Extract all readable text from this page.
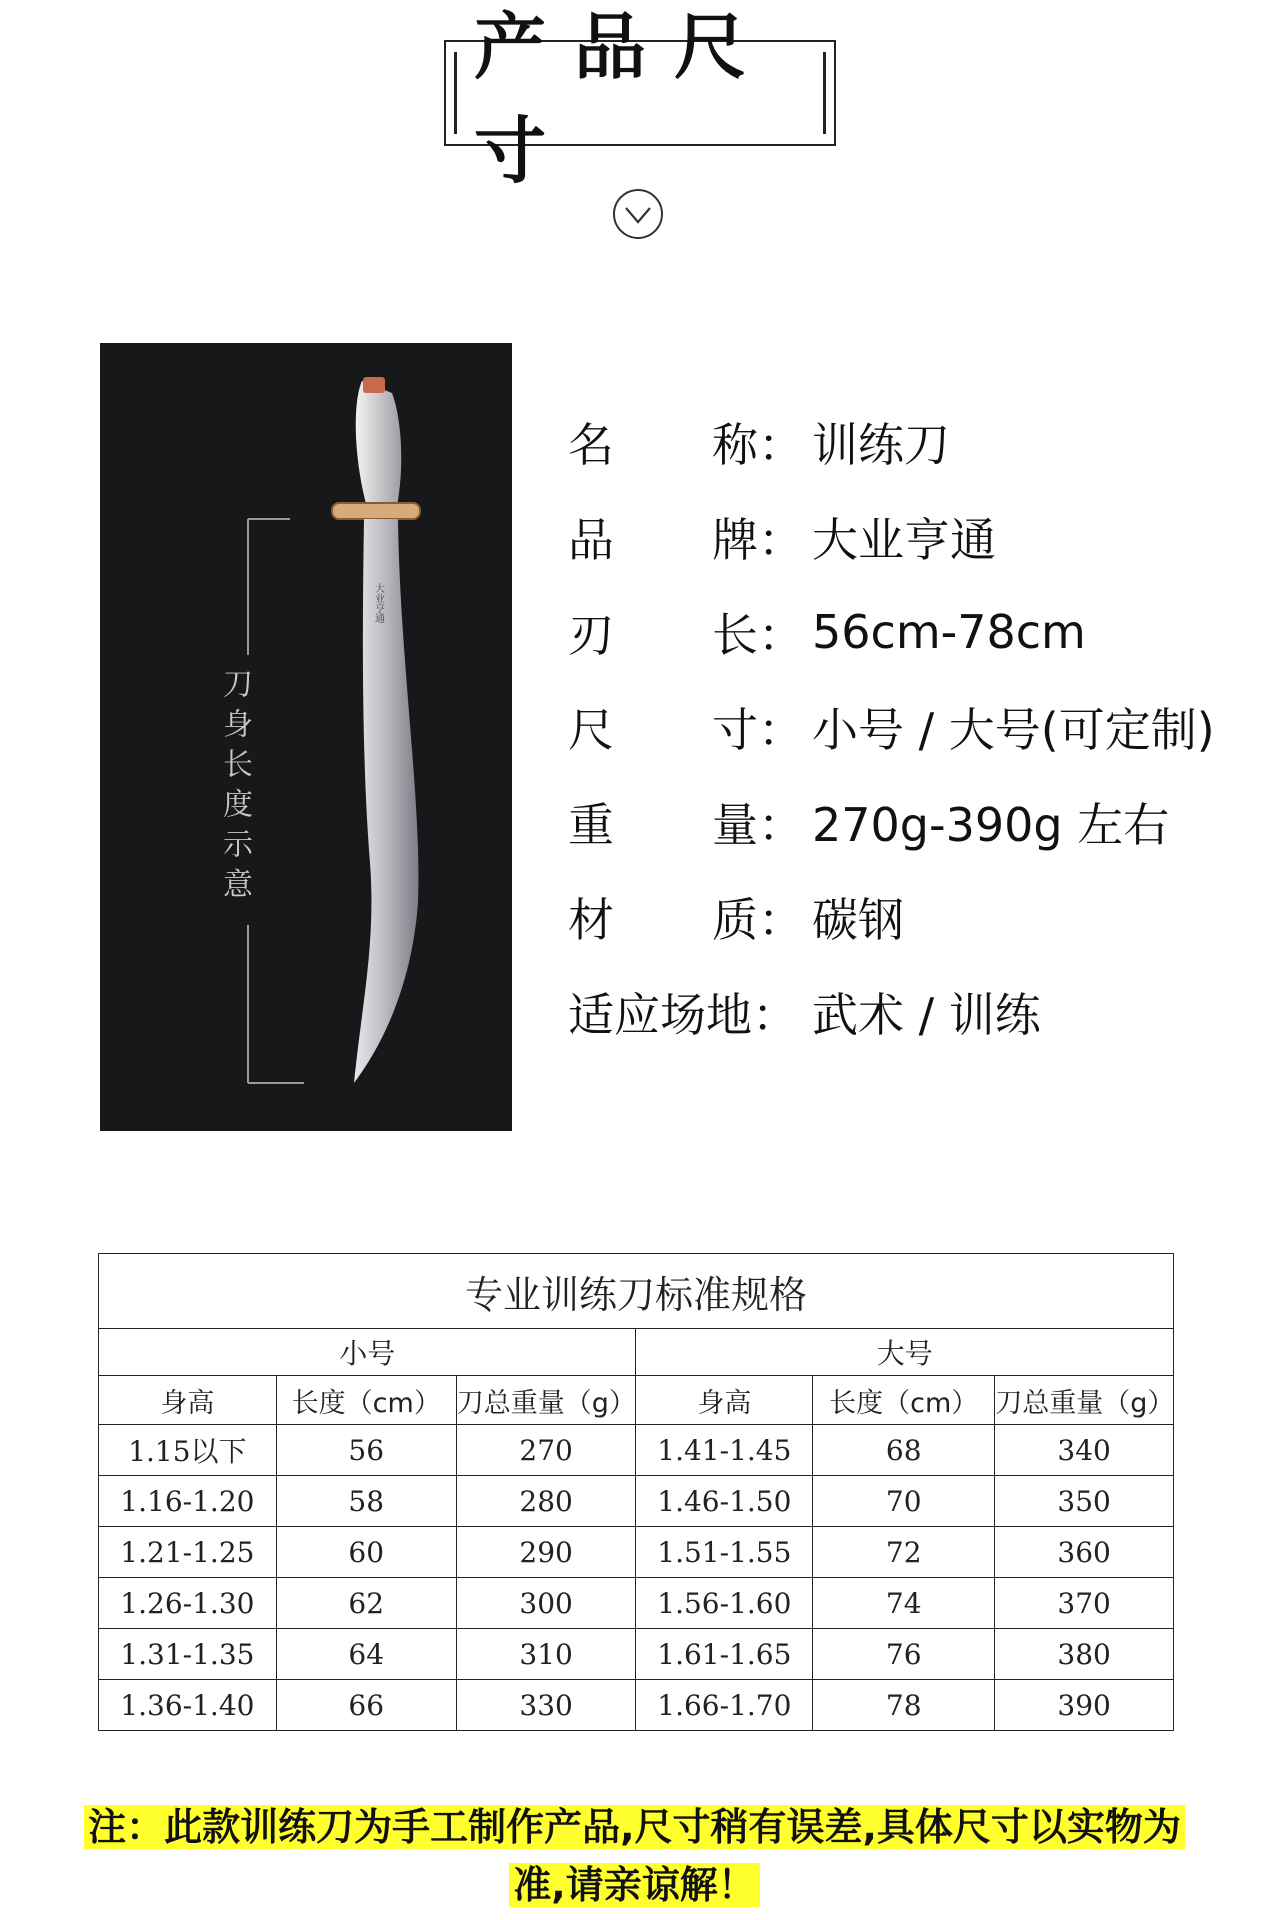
产品尺寸
大业亨通
刀身长度示意
名 称： 训练刀
品 牌： 大业亨通
刃 长： 56cm-78cm
尺 寸： 小号 / 大号(可定制)
重 量： 270g-390g 左右
材 质： 碳钢
适应场地： 武术 / 训练
专业训练刀标准规格					
小号			大号		
身高	长度（cm）	刀总重量（g）	身高	长度（cm）	刀总重量（g）
1.15以下	56	270	1.41-1.45	68	340
1.16-1.20	58	280	1.46-1.50	70	350
1.21-1.25	60	290	1.51-1.55	72	360
1.26-1.30	62	300	1.56-1.60	74	370
1.31-1.35	64	310	1.61-1.65	76	380
1.36-1.40	66	330	1.66-1.70	78	390
注：此款训练刀为手工制作产品,尺寸稍有误差,具体尺寸以实物为
准,请亲谅解！
